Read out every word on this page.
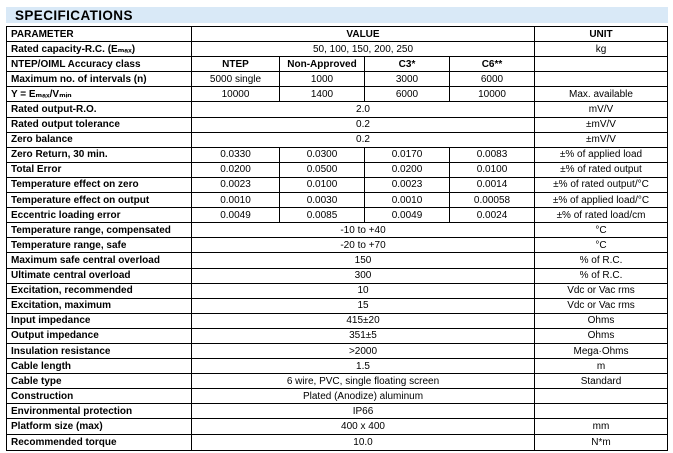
SPECIFICATIONS
PARAMETER	VALUE	UNIT
Rated capacity-R.C. (Eₘₐₓ)	50, 100, 150, 200, 250	kg
NTEP/OIML Accuracy class	NTEP	Non-Approved	C3*	C6**
Maximum no. of intervals (n)	5000 single	1000	3000	6000
Y = Eₘₐₓ/Vₘᵢₙ	10000	1400	6000	10000	Max. available
Rated output-R.O.	2.0	mV/V
Rated output tolerance	0.2	±mV/V
Zero balance	0.2	±mV/V
Zero Return, 30 min.	0.0330	0.0300	0.0170	0.0083	±% of applied load
Total Error	0.0200	0.0500	0.0200	0.0100	±% of rated output
Temperature effect on zero	0.0023	0.0100	0.0023	0.0014	±% of rated output/°C
Temperature effect on output	0.0010	0.0030	0.0010	0.00058	±% of applied load/°C
Eccentric loading error	0.0049	0.0085	0.0049	0.0024	±% of rated load/cm
Temperature range, compensated	-10 to +40	°C
Temperature range, safe	-20 to +70	°C
Maximum safe central overload	150	% of R.C.
Ultimate central overload	300	% of R.C.
Excitation, recommended	10	Vdc or Vac rms
Excitation, maximum	15	Vdc or Vac rms
Input impedance	415±20	Ohms
Output impedance	351±5	Ohms
Insulation resistance	>2000	Mega·Ohms
Cable length	1.5	m
Cable type	6 wire, PVC, single floating screen	Standard
Construction	Plated (Anodize) aluminum
Environmental protection	IP66
Platform size (max)	400 x 400	mm
Recommended torque	10.0	N*m
